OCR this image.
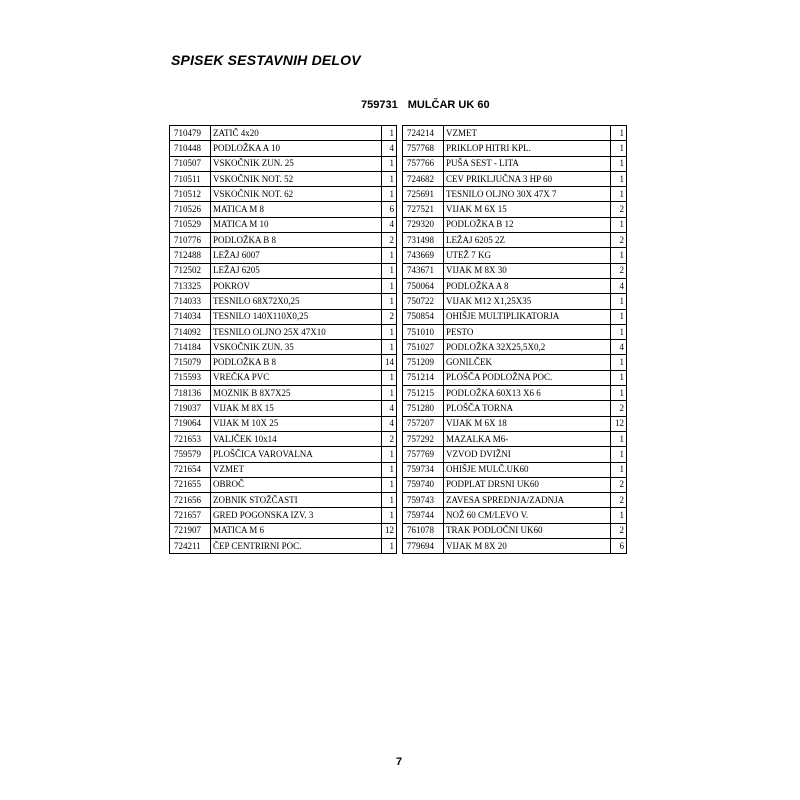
SPISEK SESTAVNIH DELOV
759731 MULČAR UK 60
710479	ZATIČ 4x20	1
710448	PODLOŽKA A 10	4
710507	VSKOČNIK ZUN. 25	1
710511	VSKOČNIK NOT. 52	1
710512	VSKOČNIK NOT. 62	1
710526	MATICA M 8	6
710529	MATICA M 10	4
710776	PODLOŽKA B 8	2
712488	LEŽAJ 6007	1
712502	LEŽAJ 6205	1
713325	POKROV	1
714033	TESNILO 68X72X0,25	1
714034	TESNILO 140X110X0,25	2
714092	TESNILO OLJNO 25X 47X10	1
714184	VSKOČNIK ZUN. 35	1
715079	PODLOŽKA B 8	14
715593	VREČKA PVC	1
718136	MOZNIK B 8X7X25	1
719037	VIJAK M 8X 15	4
719064	VIJAK M 10X 25	4
721653	VALJČEK 10x14	2
759579	PLOŠČICA VAROVALNA	1
721654	VZMET	1
721655	OBROČ	1
721656	ZOBNIK STOŽČASTI	1
721657	GRED POGONSKA IZV. 3	1
721907	MATICA M 6	12
724211	ČEP CENTRIRNI POC.	1
724214	VZMET	1
757768	PRIKLOP HITRI KPL.	1
757766	PUŠA SEST - LITA	1
724682	CEV PRIKLJUČNA 3 HP 60	1
725691	TESNILO OLJNO 30X 47X 7	1
727521	VIJAK M 6X 15	2
729320	PODLOŽKA B 12	1
731498	LEŽAJ 6205 2Z	2
743669	UTEŽ 7 KG	1
743671	VIJAK M 8X 30	2
750064	PODLOŽKA A 8	4
750722	VIJAK M12 X1,25X35	1
750854	OHIŠJE MULTIPLIKATORJA	1
751010	PESTO	1
751027	PODLOŽKA 32X25,5X0,2	4
751209	GONILČEK	1
751214	PLOŠČA PODLOŽNA POC.	1
751215	PODLOŽKA 60X13 X6 6	1
751280	PLOŠČA TORNA	2
757207	VIJAK M 6X 18	12
757292	MAZALKA M6-	1
757769	VZVOD DVIŽNI	1
759734	OHIŠJE MULČ.UK60	1
759740	PODPLAT DRSNI UK60	2
759743	ZAVESA SPREDNJA/ZADNJA	2
759744	NOŽ 60 CM/LEVO V.	1
761078	TRAK PODLOČNI UK60	2
779694	VIJAK M 8X 20	6
7
